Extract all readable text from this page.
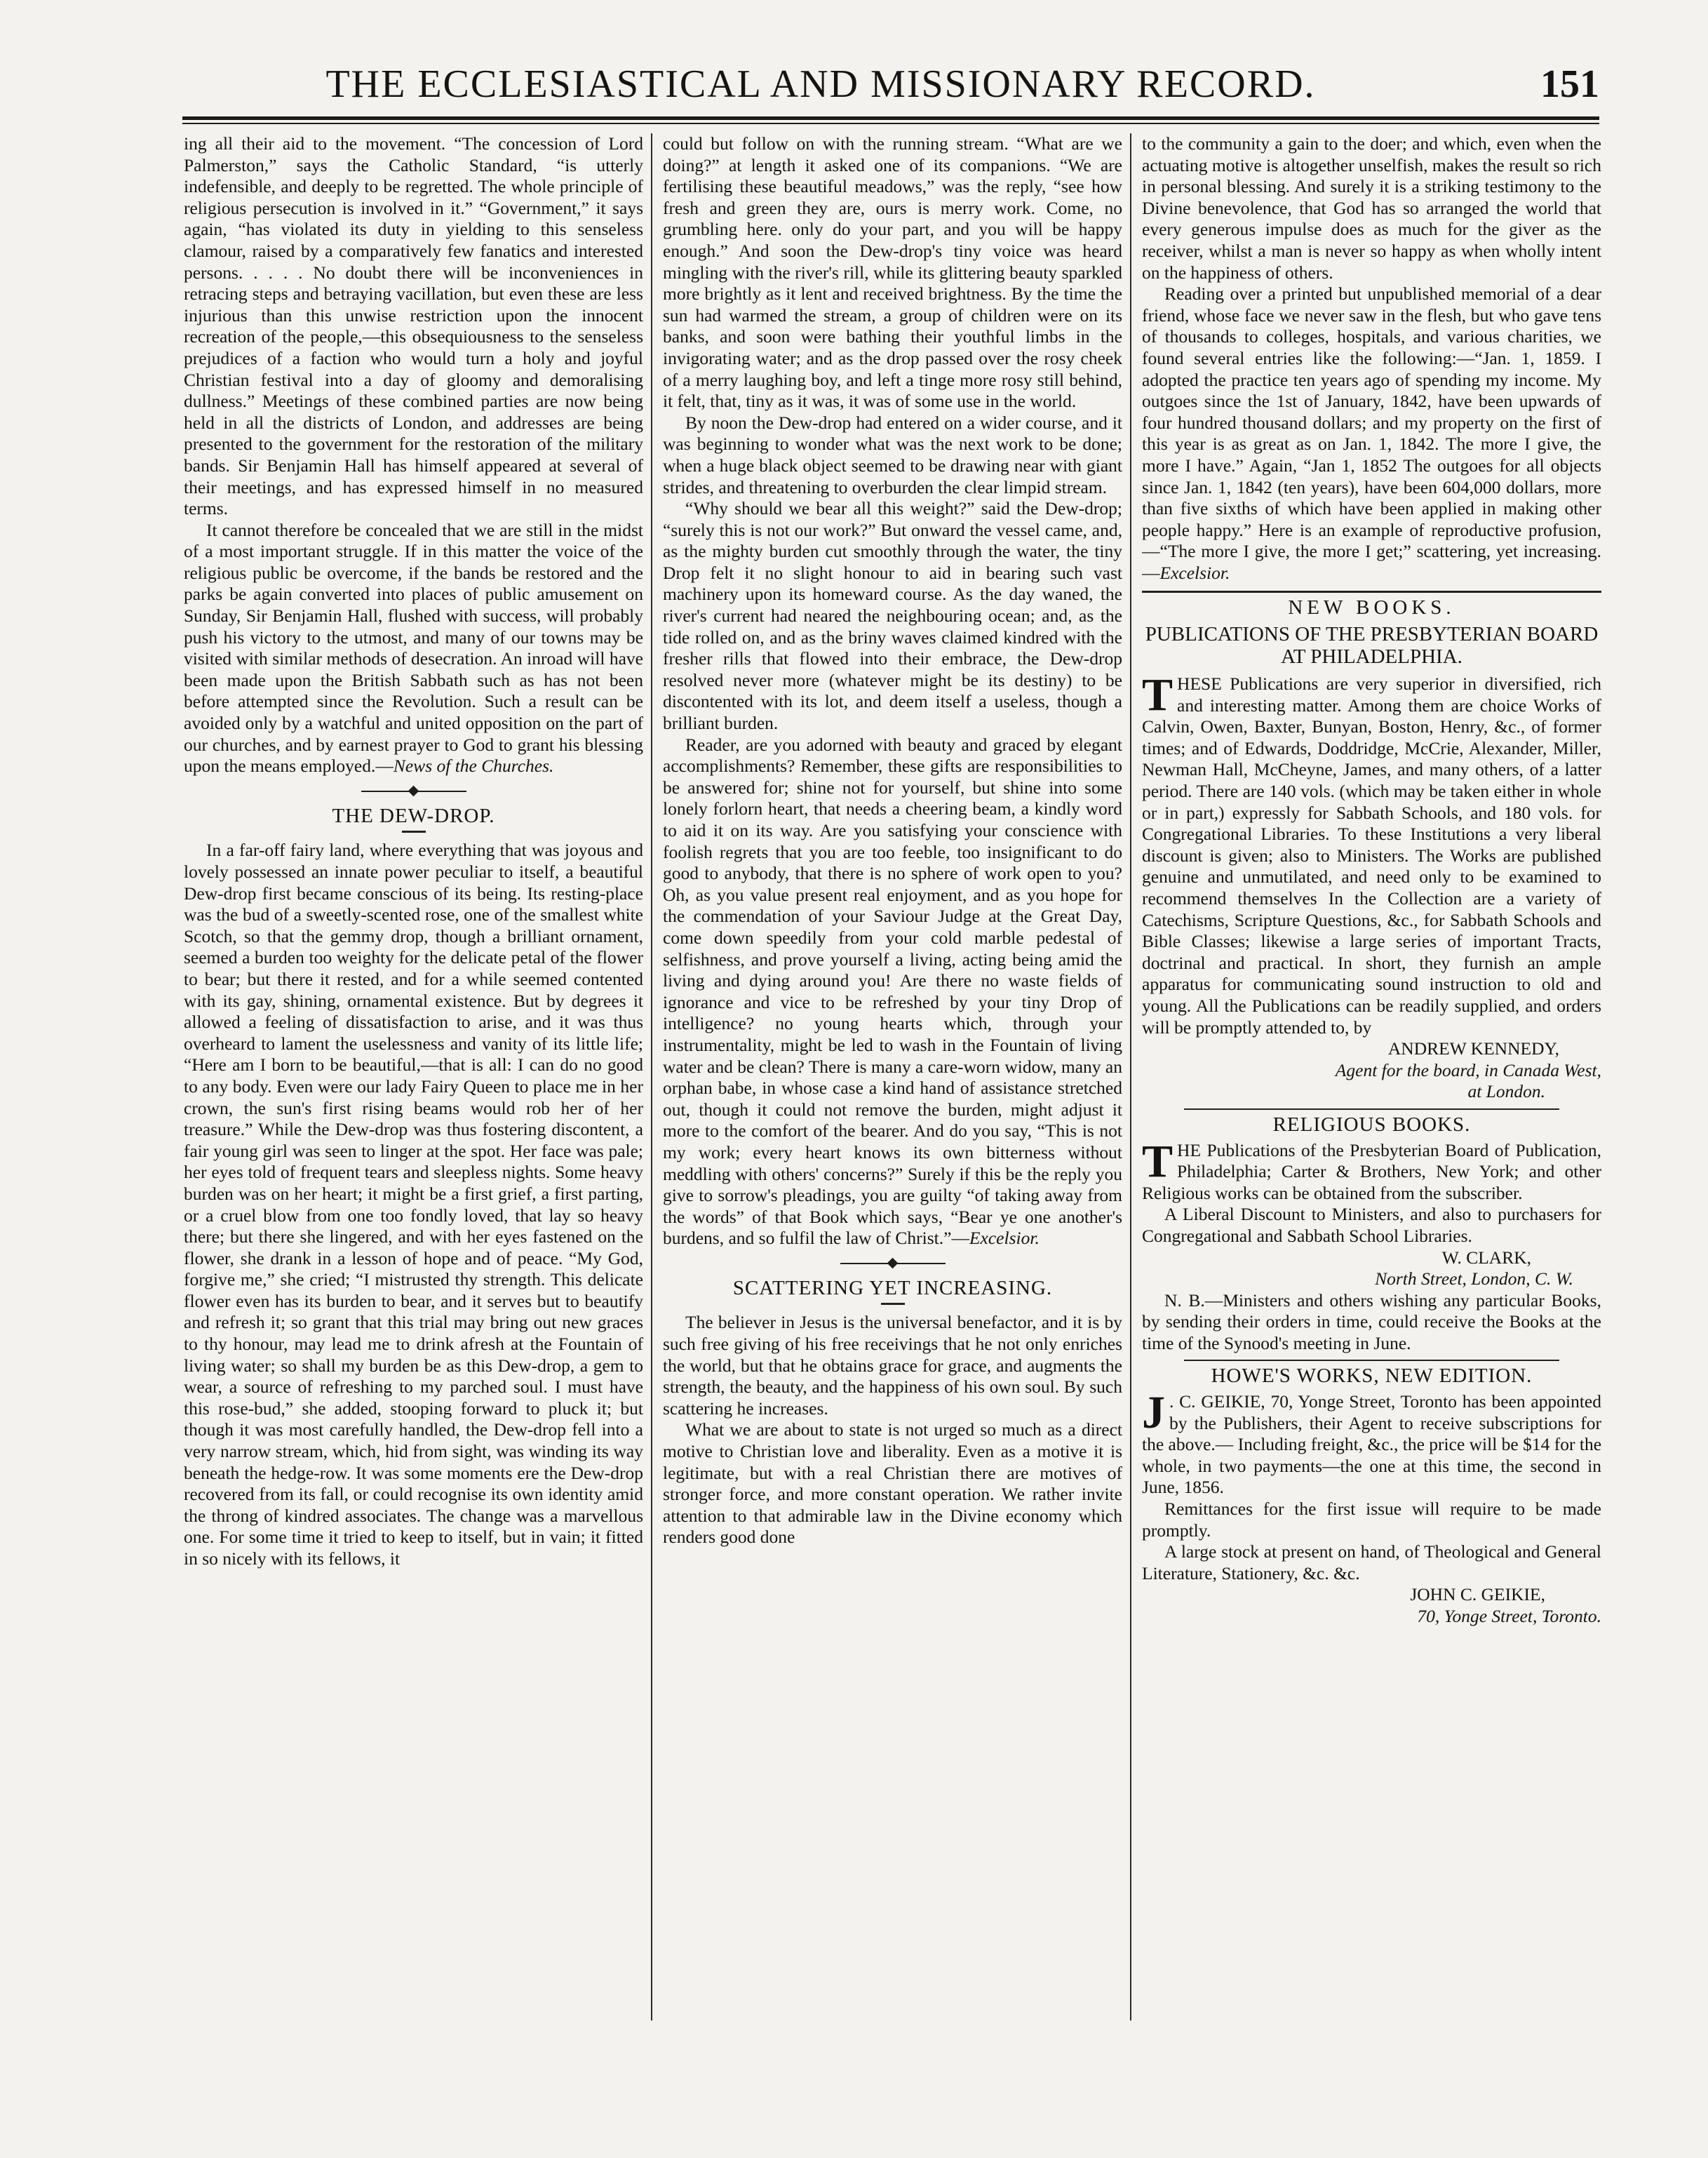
THE ECCLESIASTICAL AND MISSIONARY RECORD.	151

ing all their aid to the movement. “The concession of Lord Palmerston,” says the Catholic Standard, “is utterly indefensible, and deeply to be regretted. The whole principle of religious persecution is involved in it.” “Government,” it says again, “has violated its duty in yielding to this senseless clamour, raised by a comparatively few fanatics and interested persons. . . . . No doubt there will be inconveniences in retracing steps and betraying vacillation, but even these are less injurious than this unwise restriction upon the innocent recreation of the people,—this obsequiousness to the senseless prejudices of a faction who would turn a holy and joyful Christian festival into a day of gloomy and demoralising dullness.” Meetings of these combined parties are now being held in all the districts of London, and addresses are being presented to the government for the restoration of the military bands. Sir Benjamin Hall has himself appeared at several of their meetings, and has expressed himself in no measured terms.

It cannot therefore be concealed that we are still in the midst of a most important struggle. If in this matter the voice of the religious public be overcome, if the bands be restored and the parks be again converted into places of public amusement on Sunday, Sir Benjamin Hall, flushed with success, will probably push his victory to the utmost, and many of our towns may be visited with similar methods of desecration. An inroad will have been made upon the British Sabbath such as has not been before attempted since the Revolution. Such a result can be avoided only by a watchful and united opposition on the part of our churches, and by earnest prayer to God to grant his blessing upon the means employed.—News of the Churches.

THE DEW-DROP.

In a far-off fairy land, where everything that was joyous and lovely possessed an innate power peculiar to itself, a beautiful Dew-drop first became conscious of its being. Its resting-place was the bud of a sweetly-scented rose, one of the smallest white Scotch, so that the gemmy drop, though a brilliant ornament, seemed a burden too weighty for the delicate petal of the flower to bear; but there it rested, and for a while seemed contented with its gay, shining, ornamental existence. But by degrees it allowed a feeling of dissatisfaction to arise, and it was thus overheard to lament the uselessness and vanity of its little life; “Here am I born to be beautiful,—that is all: I can do no good to any body. Even were our lady Fairy Queen to place me in her crown, the sun's first rising beams would rob her of her treasure.” While the Dew-drop was thus fostering discontent, a fair young girl was seen to linger at the spot. Her face was pale; her eyes told of frequent tears and sleepless nights. Some heavy burden was on her heart; it might be a first grief, a first parting, or a cruel blow from one too fondly loved, that lay so heavy there; but there she lingered, and with her eyes fastened on the flower, she drank in a lesson of hope and of peace. “My God, forgive me,” she cried; “I mistrusted thy strength. This delicate flower even has its burden to bear, and it serves but to beautify and refresh it; so grant that this trial may bring out new graces to thy honour, may lead me to drink afresh at the Fountain of living water; so shall my burden be as this Dew-drop, a gem to wear, a source of refreshing to my parched soul. I must have this rose-bud,” she added, stooping forward to pluck it; but though it was most carefully handled, the Dew-drop fell into a very narrow stream, which, hid from sight, was winding its way beneath the hedge-row. It was some moments ere the Dew-drop recovered from its fall, or could recognise its own identity amid the throng of kindred associates. The change was a marvellous one. For some time it tried to keep to itself, but in vain; it fitted in so nicely with its fellows, it

could but follow on with the running stream. “What are we doing?” at length it asked one of its companions. “We are fertilising these beautiful meadows,” was the reply, “see how fresh and green they are, ours is merry work. Come, no grumbling here. only do your part, and you will be happy enough.” And soon the Dew-drop's tiny voice was heard mingling with the river's rill, while its glittering beauty sparkled more brightly as it lent and received brightness. By the time the sun had warmed the stream, a group of children were on its banks, and soon were bathing their youthful limbs in the invigorating water; and as the drop passed over the rosy cheek of a merry laughing boy, and left a tinge more rosy still behind, it felt, that, tiny as it was, it was of some use in the world.

By noon the Dew-drop had entered on a wider course, and it was beginning to wonder what was the next work to be done; when a huge black object seemed to be drawing near with giant strides, and threatening to overburden the clear limpid stream.

“Why should we bear all this weight?” said the Dew-drop; “surely this is not our work?” But onward the vessel came, and, as the mighty burden cut smoothly through the water, the tiny Drop felt it no slight honour to aid in bearing such vast machinery upon its homeward course. As the day waned, the river's current had neared the neighbouring ocean; and, as the tide rolled on, and as the briny waves claimed kindred with the fresher rills that flowed into their embrace, the Dew-drop resolved never more (whatever might be its destiny) to be discontented with its lot, and deem itself a useless, though a brilliant burden.

Reader, are you adorned with beauty and graced by elegant accomplishments? Remember, these gifts are responsibilities to be answered for; shine not for yourself, but shine into some lonely forlorn heart, that needs a cheering beam, a kindly word to aid it on its way. Are you satisfying your conscience with foolish regrets that you are too feeble, too insignificant to do good to anybody, that there is no sphere of work open to you? Oh, as you value present real enjoyment, and as you hope for the commendation of your Saviour Judge at the Great Day, come down speedily from your cold marble pedestal of selfishness, and prove yourself a living, acting being amid the living and dying around you! Are there no waste fields of ignorance and vice to be refreshed by your tiny Drop of intelligence? no young hearts which, through your instrumentality, might be led to wash in the Fountain of living water and be clean? There is many a care-worn widow, many an orphan babe, in whose case a kind hand of assistance stretched out, though it could not remove the burden, might adjust it more to the comfort of the bearer. And do you say, “This is not my work; every heart knows its own bitterness without meddling with others' concerns?” Surely if this be the reply you give to sorrow's pleadings, you are guilty “of taking away from the words” of that Book which says, “Bear ye one another's burdens, and so fulfil the law of Christ.”—Excelsior.

SCATTERING YET INCREASING.

The believer in Jesus is the universal benefactor, and it is by such free giving of his free receivings that he not only enriches the world, but that he obtains grace for grace, and augments the strength, the beauty, and the happiness of his own soul. By such scattering he increases.

What we are about to state is not urged so much as a direct motive to Christian love and liberality. Even as a motive it is legitimate, but with a real Christian there are motives of stronger force, and more constant operation. We rather invite attention to that admirable law in the Divine economy which renders good done

to the community a gain to the doer; and which, even when the actuating motive is altogether unselfish, makes the result so rich in personal blessing. And surely it is a striking testimony to the Divine benevolence, that God has so arranged the world that every generous impulse does as much for the giver as the receiver, whilst a man is never so happy as when wholly intent on the happiness of others.

Reading over a printed but unpublished memorial of a dear friend, whose face we never saw in the flesh, but who gave tens of thousands to colleges, hospitals, and various charities, we found several entries like the following:—“Jan. 1, 1859. I adopted the practice ten years ago of spending my income. My outgoes since the 1st of January, 1842, have been upwards of four hundred thousand dollars; and my property on the first of this year is as great as on Jan. 1, 1842. The more I give, the more I have.” Again, “Jan 1, 1852 The outgoes for all objects since Jan. 1, 1842 (ten years), have been 604,000 dollars, more than five sixths of which have been applied in making other people happy.” Here is an example of reproductive profusion,—“The more I give, the more I get;” scattering, yet increasing.—Excelsior.

NEW BOOKS.
PUBLICATIONS OF THE PRESBYTERIAN BOARD AT PHILADELPHIA.

THESE Publications are very superior in diversified, rich and interesting matter. Among them are choice Works of Calvin, Owen, Baxter, Bunyan, Boston, Henry, &c., of former times; and of Edwards, Doddridge, McCrie, Alexander, Miller, Newman Hall, McCheyne, James, and many others, of a latter period. There are 140 vols. (which may be taken either in whole or in part,) expressly for Sabbath Schools, and 180 vols. for Congregational Libraries. To these Institutions a very liberal discount is given; also to Ministers. The Works are published genuine and unmutilated, and need only to be examined to recommend themselves In the Collection are a variety of Catechisms, Scripture Questions, &c., for Sabbath Schools and Bible Classes; likewise a large series of important Tracts, doctrinal and practical. In short, they furnish an ample apparatus for communicating sound instruction to old and young. All the Publications can be readily supplied, and orders will be promptly attended to, by

ANDREW KENNEDY,
Agent for the board, in Canada West,
at London.
RELIGIOUS BOOKS.

THE Publications of the Presbyterian Board of Publication, Philadelphia; Carter & Brothers, New York; and other Religious works can be obtained from the subscriber.

A Liberal Discount to Ministers, and also to purchasers for Congregational and Sabbath School Libraries.

W. CLARK,
North Street, London, C. W.

N. B.—Ministers and others wishing any particular Books, by sending their orders in time, could receive the Books at the time of the Synood's meeting in June.

HOWE'S WORKS, NEW EDITION.

J . C. GEIKIE, 70, Yonge Street, Toronto has been appointed by the Publishers, their Agent to receive subscriptions for the above.— Including freight, &c., the price will be $14 for the whole, in two payments—the one at this time, the second in June, 1856.

Remittances for the first issue will require to be made promptly.

A large stock at present on hand, of Theological and General Literature, Stationery, &c. &c.

JOHN C. GEIKIE,
70, Yonge Street, Toronto.
